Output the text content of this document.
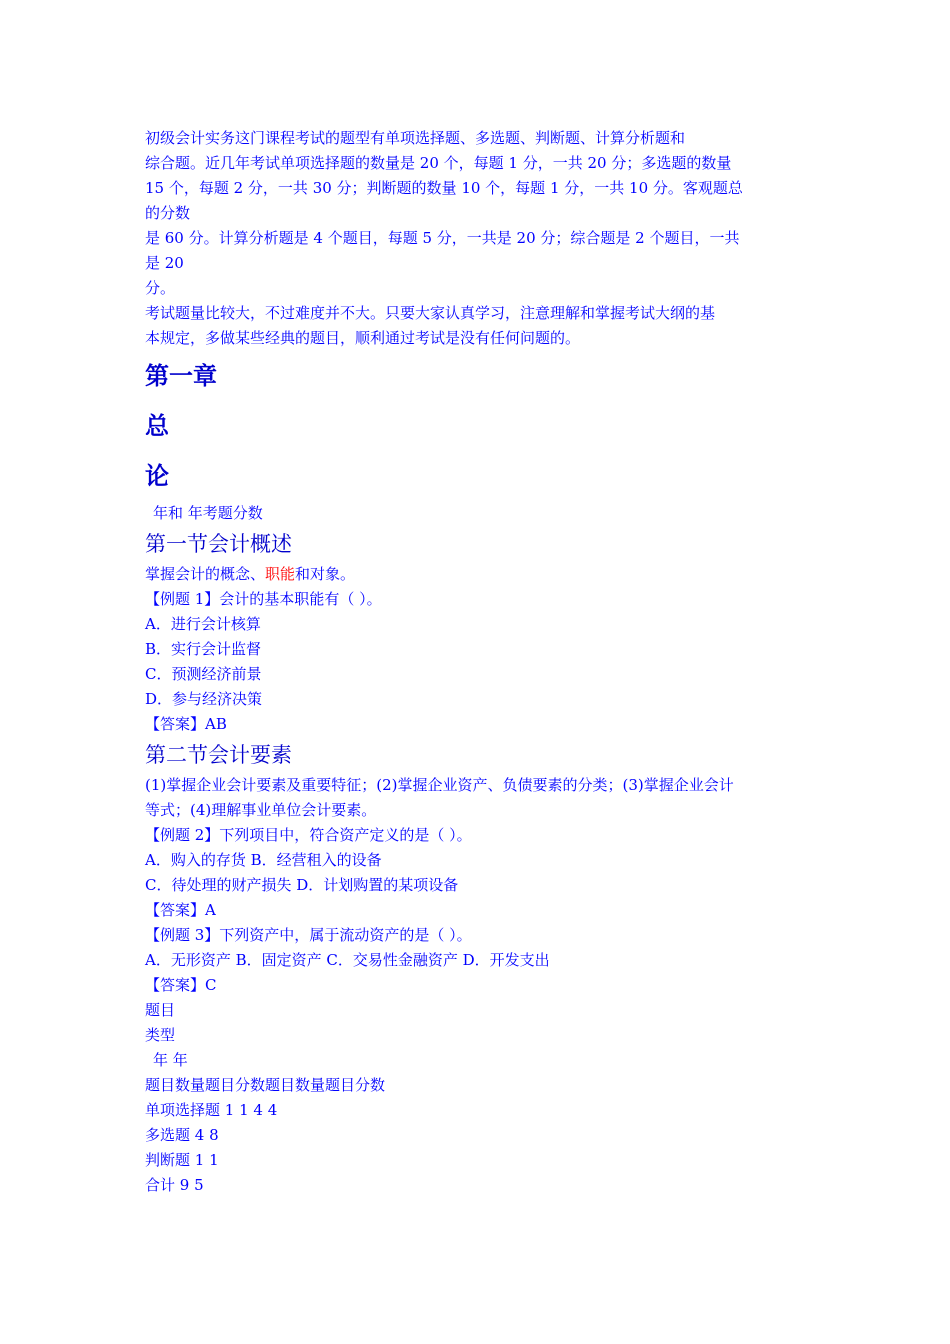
初级会计实务这门课程考试的题型有单项选择题、多选题、判断题、计算分析题和
综合题。近几年考试单项选择题的数量是 20 个，每题 1 分，一共 20 分；多选题的数量
15 个，每题 2 分，一共 30 分；判断题的数量 10 个，每题 1 分，一共 10 分。客观题总
的分数
是 60 分。计算分析题是 4 个题目，每题 5 分，一共是 20 分；综合题是 2 个题目，一共
是 20
分。
考试题量比较大，不过难度并不大。只要大家认真学习，注意理解和掌握考试大纲的基
本规定，多做某些经典的题目，顺利通过考试是没有任何问题的。
第一章
总
论
年和 年考题分数
第一节会计概述
掌握会计的概念、职能和对象。
【例题 1】会计的基本职能有（ ）。
A．进行会计核算
B．实行会计监督
C．预测经济前景
D．参与经济决策
【答案】AB
第二节会计要素
(1)掌握企业会计要素及重要特征；(2)掌握企业资产、负债要素的分类；(3)掌握企业会计
等式；(4)理解事业单位会计要素。
【例题 2】下列项目中，符合资产定义的是（ ）。
A．购入的存货 B．经营租入的设备
C．待处理的财产损失 D．计划购置的某项设备
【答案】A
【例题 3】下列资产中，属于流动资产的是（ ）。
A．无形资产 B．固定资产 C．交易性金融资产 D．开发支出
【答案】C
题目
类型
年 年
题目数量题目分数题目数量题目分数
单项选择题 1 1 4 4
多选题 4 8
判断题 1 1
合计 9 5
